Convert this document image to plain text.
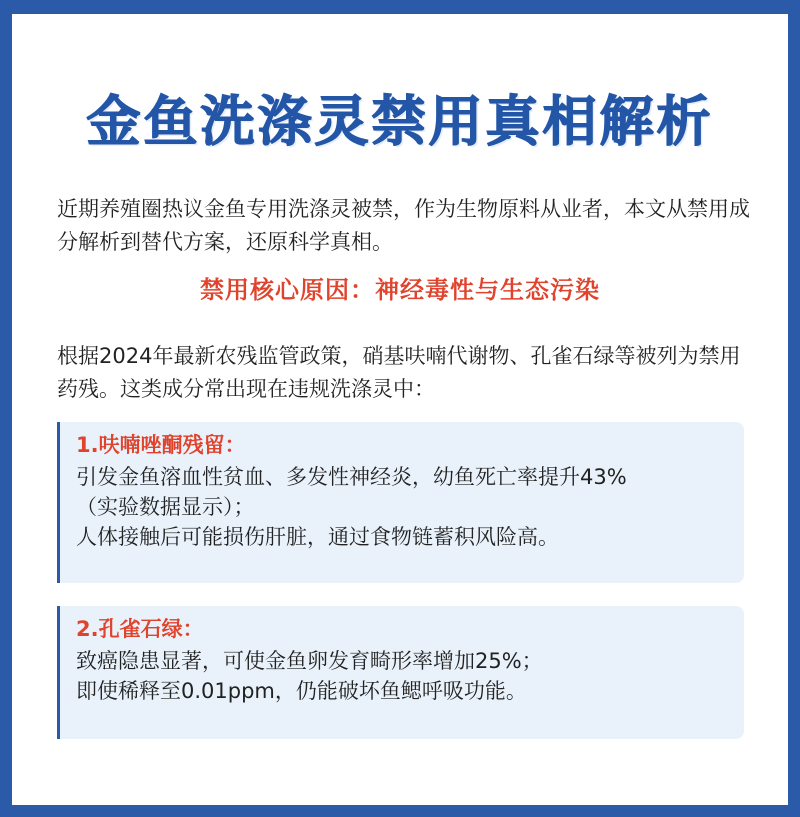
金鱼洗涤灵禁用真相解析
近期养殖圈热议金鱼专用洗涤灵被禁，作为生物原料从业者，本文从禁用成分解析到替代方案，还原科学真相。
禁用核心原因：神经毒性与生态污染
根据2024年最新农残监管政策，硝基呋喃代谢物、孔雀石绿等被列为禁用药残。这类成分常出现在违规洗涤灵中：
1.呋喃唑酮残留：
引发金鱼溶血性贫血、多发性神经炎，幼鱼死亡率提升43%
（实验数据显示）；
人体接触后可能损伤肝脏，通过食物链蓄积风险高。
2.孔雀石绿：
致癌隐患显著，可使金鱼卵发育畸形率增加25%；
即使稀释至0.01ppm，仍能破坏鱼鳃呼吸功能。
